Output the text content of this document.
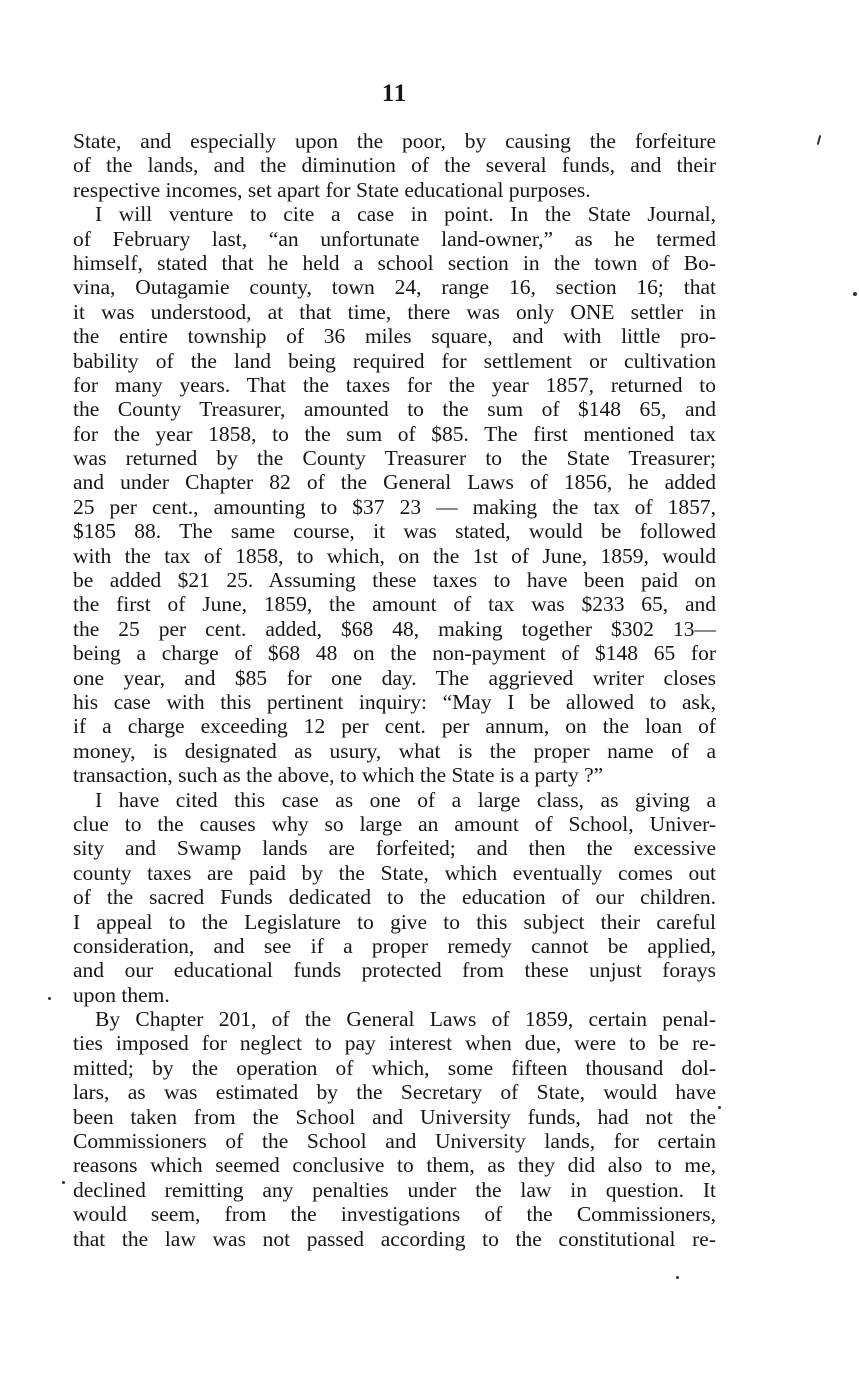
11
State, and especially upon the poor, by causing the forfeiture
of the lands, and the diminution of the several funds, and their
respective incomes, set apart for State educational purposes.
I will venture to cite a case in point. In the State Journal,
of February last, “an unfortunate land-owner,” as he termed
himself, stated that he held a school section in the town of Bo-
vina, Outagamie county, town 24, range 16, section 16; that
it was understood, at that time, there was only ONE settler in
the entire township of 36 miles square, and with little pro-
bability of the land being required for settlement or cultivation
for many years. That the taxes for the year 1857, returned to
the County Treasurer, amounted to the sum of $148 65, and
for the year 1858, to the sum of $85. The first mentioned tax
was returned by the County Treasurer to the State Treasurer;
and under Chapter 82 of the General Laws of 1856, he added
25 per cent., amounting to $37 23 — making the tax of 1857,
$185 88. The same course, it was stated, would be followed
with the tax of 1858, to which, on the 1st of June, 1859, would
be added $21 25. Assuming these taxes to have been paid on
the first of June, 1859, the amount of tax was $233 65, and
the 25 per cent. added, $68 48, making together $302 13—
being a charge of $68 48 on the non-payment of $148 65 for
one year, and $85 for one day. The aggrieved writer closes
his case with this pertinent inquiry: “May I be allowed to ask,
if a charge exceeding 12 per cent. per annum, on the loan of
money, is designated as usury, what is the proper name of a
transaction, such as the above, to which the State is a party ?”
I have cited this case as one of a large class, as giving a
clue to the causes why so large an amount of School, Univer-
sity and Swamp lands are forfeited; and then the excessive
county taxes are paid by the State, which eventually comes out
of the sacred Funds dedicated to the education of our children.
I appeal to the Legislature to give to this subject their careful
consideration, and see if a proper remedy cannot be applied,
and our educational funds protected from these unjust forays
upon them.
By Chapter 201, of the General Laws of 1859, certain penal-
ties imposed for neglect to pay interest when due, were to be re-
mitted; by the operation of which, some fifteen thousand dol-
lars, as was estimated by the Secretary of State, would have
been taken from the School and University funds, had not the
Commissioners of the School and University lands, for certain
reasons which seemed conclusive to them, as they did also to me,
declined remitting any penalties under the law in question. It
would seem, from the investigations of the Commissioners,
that the law was not passed according to the constitutional re-
